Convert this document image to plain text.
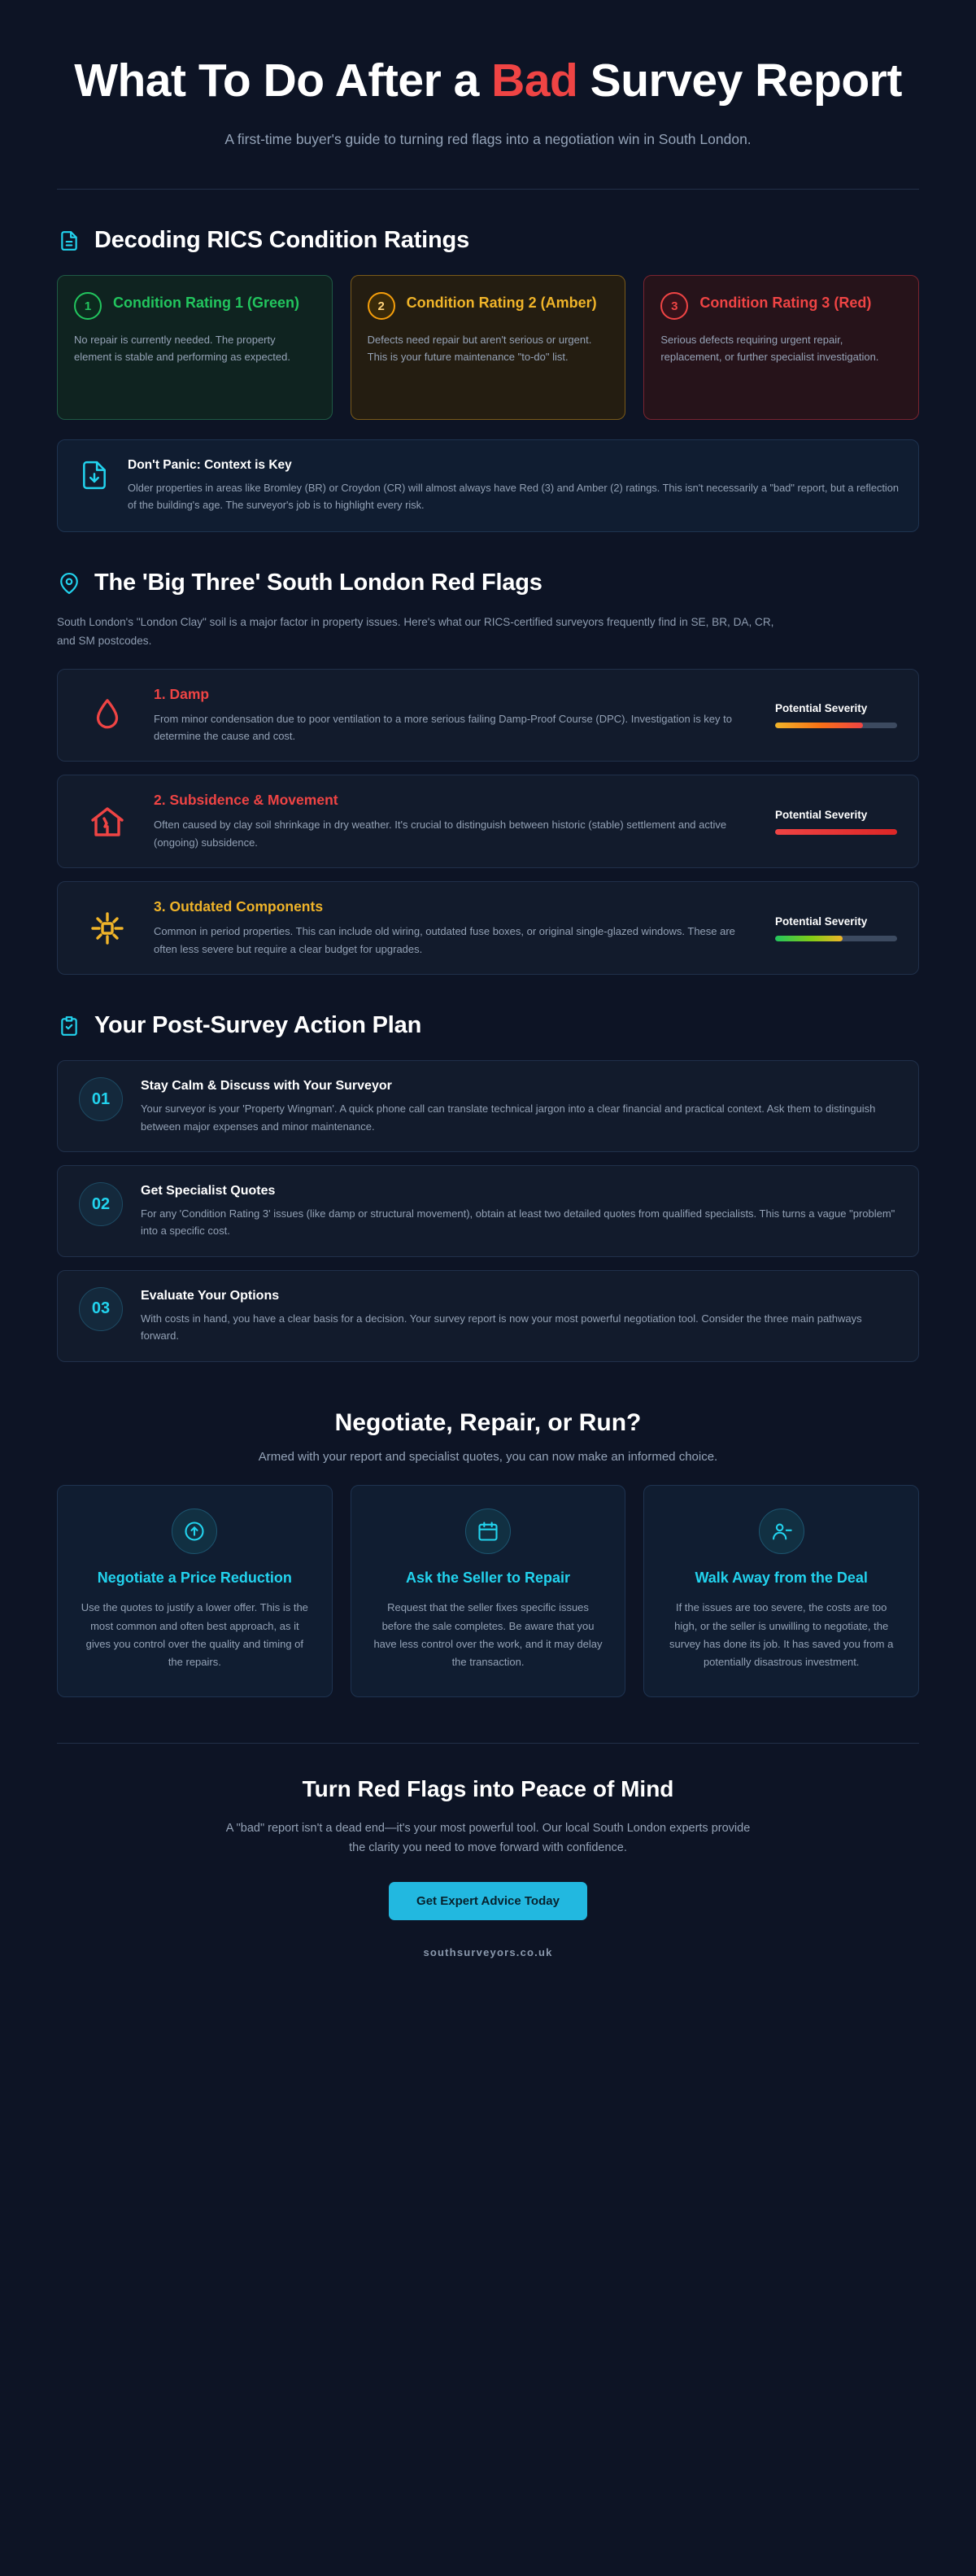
What To Do After a Bad Survey Report

A first-time buyer's guide to turning red flags into a negotiation win in South London.

Decoding RICS Condition Ratings
1	Condition Rating 1 (Green)
No repair is currently needed. The property element is stable and performing as expected.
2	Condition Rating 2 (Amber)
Defects need repair but aren't serious or urgent. This is your future maintenance "to-do" list.
3	Condition Rating 3 (Red)
Serious defects requiring urgent repair, replacement, or further specialist investigation.
Don't Panic: Context is Key

Older properties in areas like Bromley (BR) or Croydon (CR) will almost always have Red (3) and Amber (2) ratings. This isn't necessarily a "bad" report, but a reflection of the building's age. The surveyor's job is to highlight every risk.

The 'Big Three' South London Red Flags

South London's "London Clay" soil is a major factor in property issues. Here's what our RICS-certified surveyors frequently find in SE, BR, DA, CR, and SM postcodes.

1. Damp
From minor condensation due to poor ventilation to a more serious failing Damp-Proof Course (DPC). Investigation is key to determine the cause and cost.
Potential Severity
2. Subsidence & Movement
Often caused by clay soil shrinkage in dry weather. It's crucial to distinguish between historic (stable) settlement and active (ongoing) subsidence.
Potential Severity
3. Outdated Components
Common in period properties. This can include old wiring, outdated fuse boxes, or original single-glazed windows. These are often less severe but require a clear budget for upgrades.
Potential Severity
Your Post-Survey Action Plan
01
Stay Calm & Discuss with Your Surveyor
Your surveyor is your 'Property Wingman'. A quick phone call can translate technical jargon into a clear financial and practical context. Ask them to distinguish between major expenses and minor maintenance.
02
Get Specialist Quotes
For any 'Condition Rating 3' issues (like damp or structural movement), obtain at least two detailed quotes from qualified specialists. This turns a vague "problem" into a specific cost.
03
Evaluate Your Options
With costs in hand, you have a clear basis for a decision. Your survey report is now your most powerful negotiation tool. Consider the three main pathways forward.
Negotiate, Repair, or Run?

Armed with your report and specialist quotes, you can now make an informed choice.

Negotiate a Price Reduction
Use the quotes to justify a lower offer. This is the most common and often best approach, as it gives you control over the quality and timing of the repairs.
Ask the Seller to Repair
Request that the seller fixes specific issues before the sale completes. Be aware that you have less control over the work, and it may delay the transaction.
Walk Away from the Deal
If the issues are too severe, the costs are too high, or the seller is unwilling to negotiate, the survey has done its job. It has saved you from a potentially disastrous investment.
Turn Red Flags into Peace of Mind

A "bad" report isn't a dead end—it's your most powerful tool. Our local South London experts provide the clarity you need to move forward with confidence.

Get Expert Advice Today
southsurveyors.co.uk
